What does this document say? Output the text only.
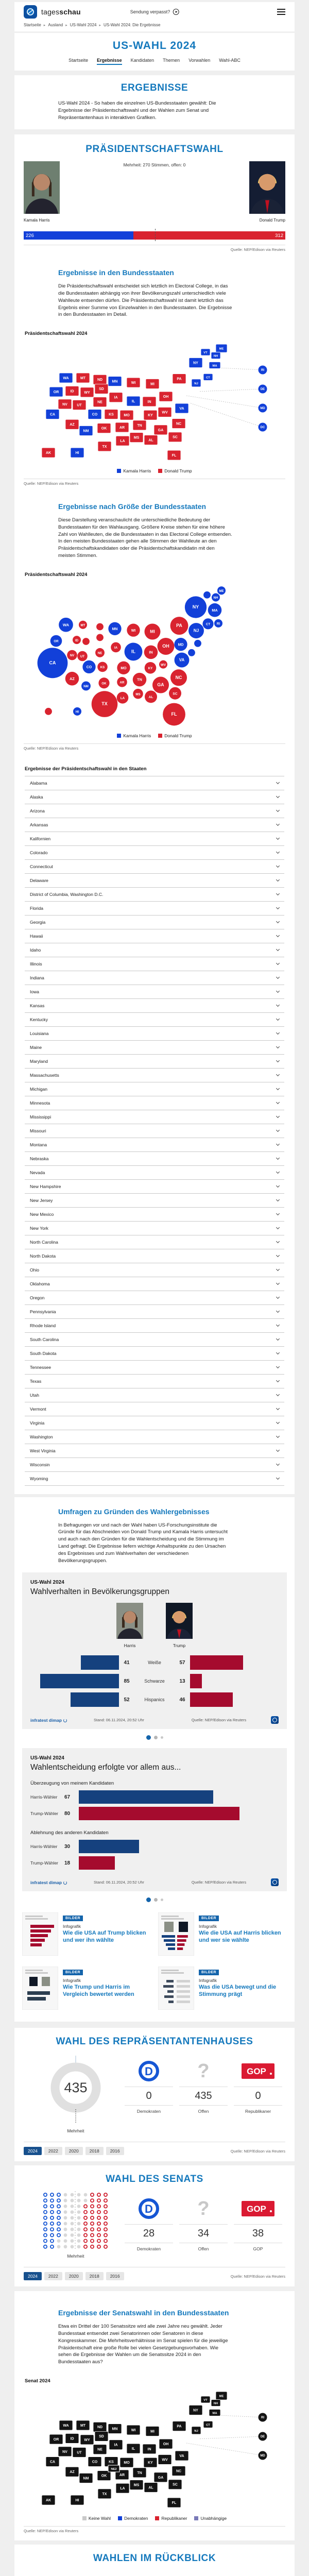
tagesschau	Sendung verpasst?
Startseite ▸ Ausland ▸ US-Wahl 2024 ▸ US-Wahl 2024: Die Ergebnisse
US-WAHL 2024
Startseite Ergebnisse Kandidaten Themen Vorwahlen Wahl-ABC
ERGEBNISSE

US-Wahl 2024 - So haben die einzelnen US-Bundesstaaten gewählt: Die Ergebnisse der Präsidentschaftswahl und der Wahlen zum Senat und Repräsentantenhaus in interaktiven Grafiken.

PRÄSIDENTSCHAFTSWAHL
Mehrheit: 270 Stimmen, offen: 0
Kamala Harris	Donald Trump
226	312
Quelle: NEP/Edison via Reuters
Ergebnisse in den Bundesstaaten

Die Präsidentschaftswahl entscheidet sich letztlich im Electoral College, in das die Bundesstaaten abhängig von ihrer Bevölkerungszahl unterschiedlich viele Wahlleute entsenden dürfen. Die Präsidentschaftswahl ist damit letztlich das Ergebnis einer Summe von Einzelwahlen in den Bundesstaaten. Die Ergebnisse in den Bundesstaaten im Detail.

Präsidentschaftswahl 2024
AL
AK
AZ
AR
CA	CO
CT
DE
DC
FL
GA
HI
ID
IL	IN
IA
KS	KY
LA
ME
MD
MA
MI
MN
MS
MO
MT
NE
NV
NH
NJ
NM
NY
NC
ND
OH
OK
OR
PA
RI
SC
SD
TN
TX
UT
VT
VA
WA
WV
WI
WY
Kamala Harris	Donald Trump
Quelle: NEP/Edison via Reuters
Ergebnisse nach Größe der Bundesstaaten

Diese Darstellung veranschaulicht die unterschiedliche Bedeutung der Bundesstaaten für den Wahlausgang. Größere Kreise stehen für eine höhere Zahl von Wahlleuten, die die Bundesstaaten in das Electoral College entsenden. In den meisten Bundesstaaten gehen alle Stimmen der Wahlleute an den Präsidentschaftskandidaten oder die Präsidentschaftskandidatin mit den meisten Stimmen.

Präsidentschaftswahl 2024
AL
AZ
AR
CA
CO
CT
FL
GA
HI
ID
IL	IN
IA
KS	KY
LA
ME
MD
MA
MI
MN
MS
MO
MT
NE
NV
NH
NJ
NM
NY
NC
OH
OK
OR
PA	RI
SC
TN
TX
UT
VA
WA
WV
WI
Kamala Harris	Donald Trump
Quelle: NEP/Edison via Reuters
Ergebnisse der Präsidentschaftswahl in den Staaten
Alabama
Alaska
Arizona
Arkansas
Kalifornien
Colorado
Connecticut
Delaware
District of Columbia, Washington D.C.
Florida
Georgia
Hawaii
Idaho
Illinois
Indiana
Iowa
Kansas
Kentucky
Louisiana
Maine
Maryland
Massachusetts
Michigan
Minnesota
Mississippi
Missouri
Montana
Nebraska
Nevada
New Hampshire
New Jersey
New Mexico
New York
North Carolina
North Dakota
Ohio
Oklahoma
Oregon
Pennsylvania
Rhode Island
South Carolina
South Dakota
Tennessee
Texas
Utah
Vermont
Virginia
Washington
West Virginia
Wisconsin
Wyoming
Umfragen zu Gründen des Wahlergebnisses

In Befragungen vor und nach der Wahl haben US-Forschungsinstitute die Gründe für das Abschneiden von Donald Trump und Kamala Harris untersucht und auch nach den Gründen für die Wahlentscheidung und die Stimmung im Land gefragt. Die Ergebnisse liefern wichtige Anhaltspunkte zu den Ursachen des Ergebnisses und zum Wahlverhalten der verschiedenen Bevölkerungsgruppen.

US-Wahl 2024
Wahlverhalten in Bevölkerungsgruppen
Harris	Trump
41	Weiße	57
85	Schwarze	13
52	Hispanics	46
infratest dimap	Stand: 06.11.2024, 20:52 Uhr	Quelle: NEP/Edison via Reuters
US-Wahl 2024
Wahlentscheidung erfolgte vor allem aus...
Überzeugung von meinem Kandidaten
Harris-Wähler	67
Trump-Wähler	80
Ablehnung des anderen Kandidaten
Harris-Wähler	30
Trump-Wähler	18
infratest dimap	Stand: 06.11.2024, 20:52 Uhr	Quelle: NEP/Edison via Reuters
BILDER
Infografik
Wie die USA auf Trump blicken und wer ihn wählte
BILDER
Infografik
Wie die USA auf Harris blicken und wer sie wählte
BILDER
Infografik
Wie Trump und Harris im Vergleich bewertet werden
BILDER
Infografik
Was die USA bewegt und die Stimmung prägt
WAHL DES REPRÄSENTANTENHAUSES
435
Mehrheit
D
0
Demokraten
?
435
Offen
GOP
0
Republikaner
2024	2022	2020	2018	2016	Quelle: NEP/Edison via Reuters
WAHL DES SENATS
Mehrheit
D
28
Demokraten
?
34
Offen
GOP
38
GOP
2024	2022	2020	2018	2016	Quelle: NEP/Edison via Reuters
Ergebnisse der Senatswahl in den Bundesstaaten

Etwa ein Drittel der 100 Senatssitze wird alle zwei Jahre neu gewählt. Jeder Bundesstaat entsendet zwei Senatorinnen oder Senatoren in diese Kongresskammer. Die Mehrheitsverhältnisse im Senat spielen für die jeweilige Präsidentschaft eine große Rolle bei vielen Gesetzgebungsvorhaben. Wie sehen die Ergebnisse der Wahlen um die Senatssitze 2024 in den Bundesstaaten aus?

Senat 2024
AL
AK
AZ
AR
CA	CO
CT
DE
FL
GA
HI
ID
IL	IN
IA
KS	KY
LA
ME
MD
MA
MI
MN
MS
MO
MT
NE
NV
NH
NJ
NM
NY
NC
ND
OH
OK
OR
PA
RI
SC
SD
TN
TX
UT
VT
VA
WA
WV
WI
WY
NE2
Keine Wahl	Demokraten	Republikaner	Unabhängige
Quelle: NEP/Edison via Reuters
WAHLEN IM RÜCKBLICK
